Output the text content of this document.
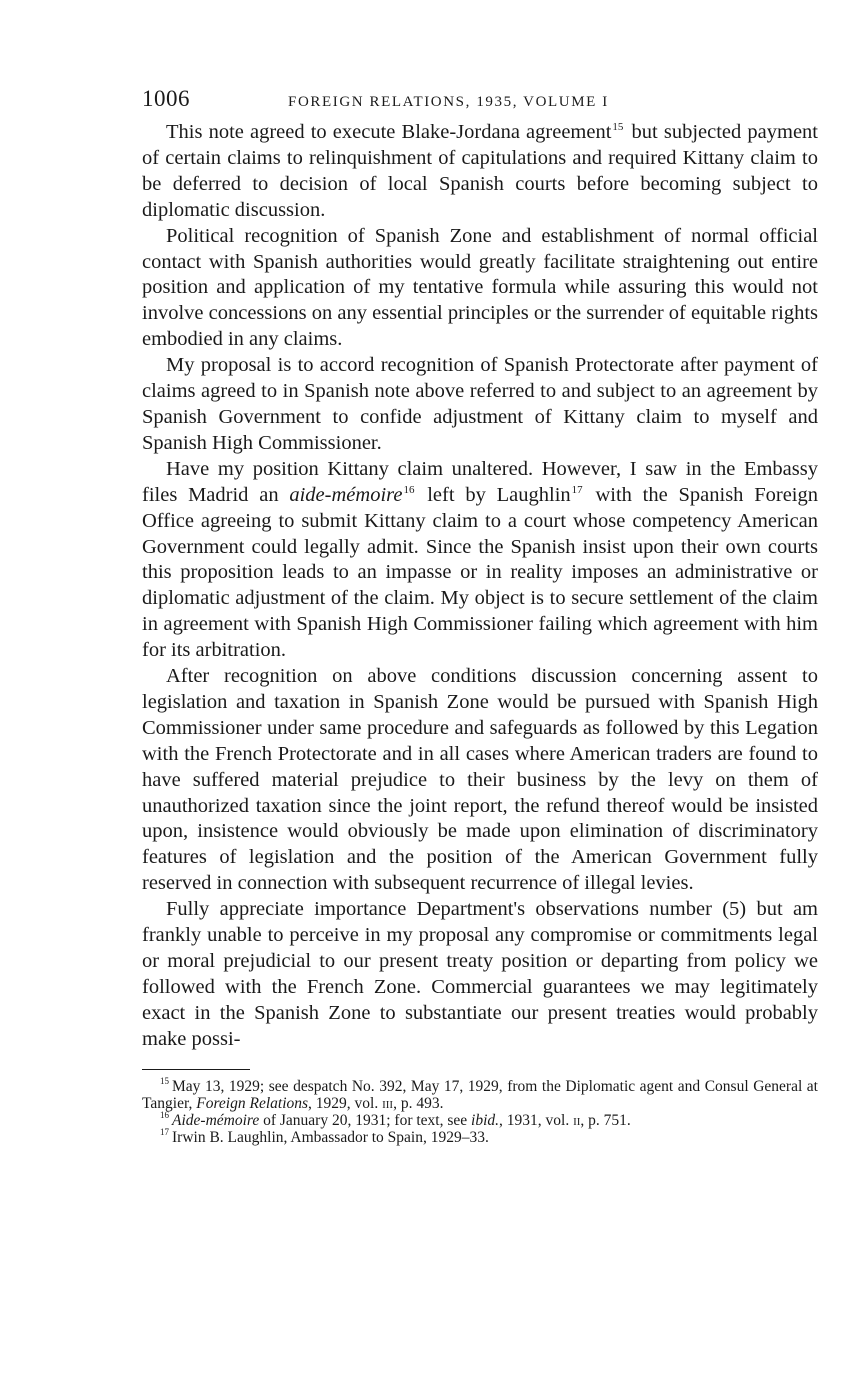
1006	FOREIGN RELATIONS, 1935, VOLUME I

This note agreed to execute Blake-Jordana agreement$^{15}$ but subjected payment of certain claims to relinquishment of capitulations and required Kittany claim to be deferred to decision of local Spanish courts before becoming subject to diplomatic discussion.

Political recognition of Spanish Zone and establishment of normal official contact with Spanish authorities would greatly facilitate straightening out entire position and application of my tentative formula while assuring this would not involve concessions on any essential principles or the surrender of equitable rights embodied in any claims.

My proposal is to accord recognition of Spanish Protectorate after payment of claims agreed to in Spanish note above referred to and subject to an agreement by Spanish Government to confide adjustment of Kittany claim to myself and Spanish High Commissioner.

Have my position Kittany claim unaltered. However, I saw in the Embassy files Madrid an aide-mémoire$^{16}$ left by Laughlin$^{17}$ with the Spanish Foreign Office agreeing to submit Kittany claim to a court whose competency American Government could legally admit. Since the Spanish insist upon their own courts this proposition leads to an impasse or in reality imposes an administrative or diplomatic adjustment of the claim. My object is to secure settlement of the claim in agreement with Spanish High Commissioner failing which agreement with him for its arbitration.

After recognition on above conditions discussion concerning assent to legislation and taxation in Spanish Zone would be pursued with Spanish High Commissioner under same procedure and safeguards as followed by this Legation with the French Protectorate and in all cases where American traders are found to have suffered material prejudice to their business by the levy on them of unauthorized taxation since the joint report, the refund thereof would be insisted upon, insistence would obviously be made upon elimination of discriminatory features of legislation and the position of the American Government fully reserved in connection with subsequent recurrence of illegal levies.

Fully appreciate importance Department's observations number (5) but am frankly unable to perceive in my proposal any compromise or commitments legal or moral prejudicial to our present treaty position or departing from policy we followed with the French Zone. Commercial guarantees we may legitimately exact in the Spanish Zone to substantiate our present treaties would probably make possi-

$^{15}$ May 13, 1929; see despatch No. 392, May 17, 1929, from the Diplomatic agent and Consul General at Tangier, Foreign Relations, 1929, vol. iii, p. 493.

$^{16}$ Aide-mémoire of January 20, 1931; for text, see ibid., 1931, vol. ii, p. 751.

$^{17}$ Irwin B. Laughlin, Ambassador to Spain, 1929–33.
